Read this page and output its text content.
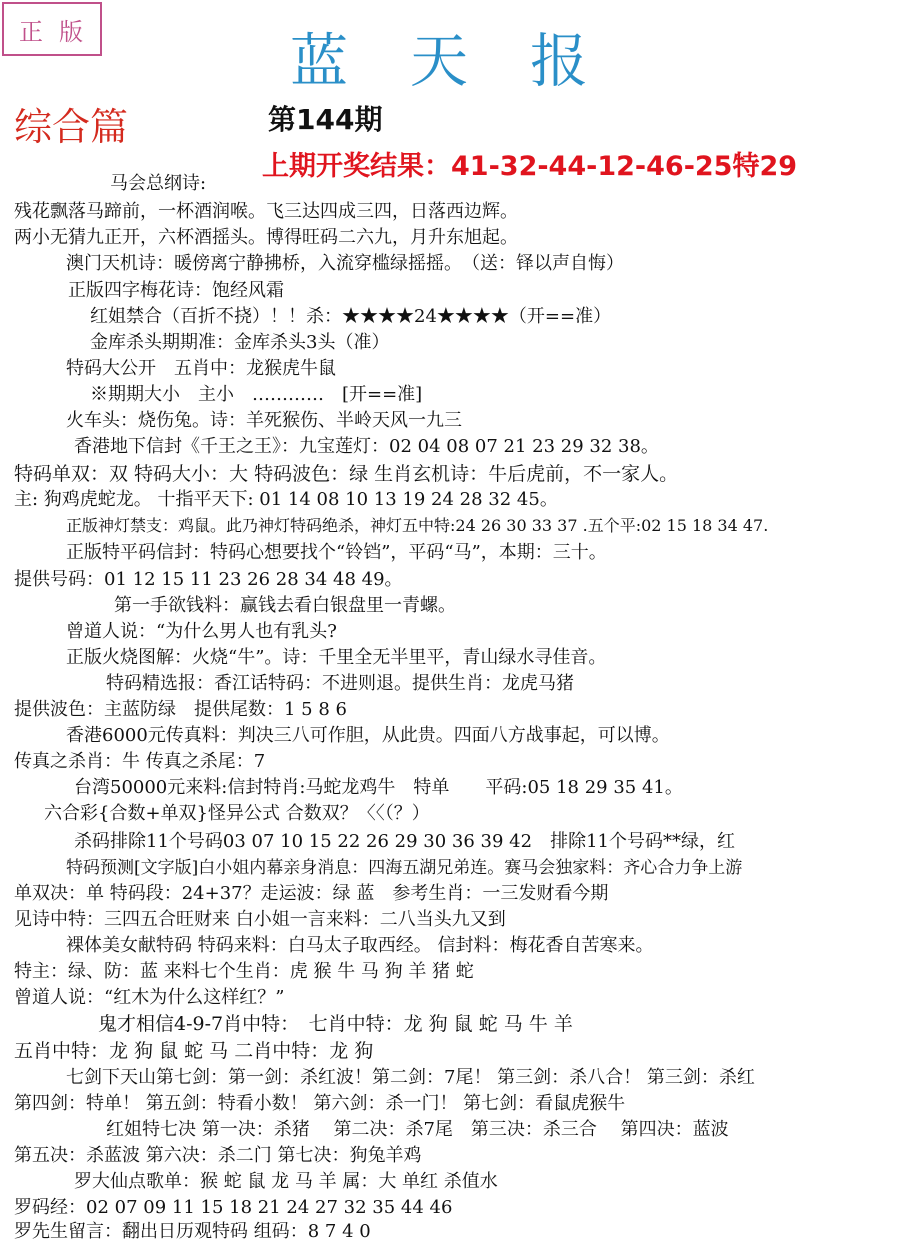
正版	蓝天报
综合篇	第144期
上期开奖结果：41-32-44-12-46-25特29
马会总纲诗:
残花飘落马蹄前，一杯酒润喉。飞三达四成三四，日落西边辉。
两小无猜九正开，六杯酒摇头。博得旺码二六九，月升东旭起。
澳门天机诗：暖傍离宁静拂桥，入流穿槛绿摇摇。　（送：铎以声自悔）
正版四字梅花诗：饱经风霜
红姐禁合（百折不挠）！！杀：★★★★24★★★★（开==准）
金库杀头期期准：金库杀头3头（准）
特码大公开　五肖中：龙猴虎牛鼠
※期期大小　主小　…………　[开==准]
火车头：烧伤兔。诗：羊死猴伤、半岭天风一九三
香港地下信封《千王之王》：九宝莲灯：02 04 08 07 21 23 29 32 38。
特码单双：双 特码大小：大 特码波色：绿 生肖玄机诗：牛后虎前，不一家人。
主: 狗鸡虎蛇龙。 十指平天下: 01 14 08 10 13 19 24 28 32 45。
正版神灯禁支：鸡鼠。此乃神灯特码绝杀，神灯五中特:24 26 30 33 37 .五个平:02 15 18 34 47.
正版特平码信封：特码心想要找个“铃铛”，平码“马”，本期：三十。
提供号码：01 12 15 11 23 26 28 34 48 49。
第一手欲钱料：赢钱去看白银盘里一青螺。
曾道人说：“为什么男人也有乳头?
正版火烧图解：火烧“牛”。诗：千里全无半里平，青山绿水寻佳音。
特码精选报：香江话特码：不进则退。提供生肖：龙虎马猪
提供波色：主蓝防绿　提供尾数：1 5 8 6
香港6000元传真料：判决三八可作胆，从此贵。四面八方战事起，可以博。
传真之杀肖：牛 传真之杀尾：7
台湾50000元来料:信封特肖:马蛇龙鸡牛　特单　　平码:05 18 29 35 41。
六合彩{合数+单双}怪异公式 合数双？〈〈（？）
杀码排除11个号码03 07 10 15 22 26 29 30 36 39 42　排除11个号码**绿，红
特码预测[文字版]白小姐内幕亲身消息：四海五湖兄弟连。赛马会独家料：齐心合力争上游
单双决：单 特码段：24+37？走运波：绿 蓝　参考生肖：一三发财看今期
见诗中特：三四五合旺财来 白小姐一言来料：二八当头九又到
裸体美女献特码 特码来料：白马太子取西经。 信封料：梅花香自苦寒来。
特主：绿、防：蓝 来料七个生肖：虎 猴 牛 马 狗 羊 猪 蛇
曾道人说：“红木为什么这样红？”
鬼才相信4-9-7肖中特：　七肖中特：龙 狗 鼠 蛇 马 牛 羊
五肖中特：龙 狗 鼠 蛇 马 二肖中特：龙 狗
七剑下天山第七剑：第一剑：杀红波！第二剑：7尾！ 第三剑：杀八合！ 第三剑：杀红
第四剑：特单！ 第五剑：特看小数！ 第六剑：杀一门！ 第七剑：看鼠虎猴牛
红姐特七决 第一决：杀猪　 第二决：杀7尾　第三决：杀三合　 第四决：蓝波
第五决：杀蓝波 第六决：杀二门 第七决：狗兔羊鸡
罗大仙点歌单：猴 蛇 鼠 龙 马 羊 属：大 单红 杀值水
罗码经：02 07 09 11 15 18 21 24 27 32 35 44 46
罗先生留言：翻出日历观特码 组码：8 7 4 0
